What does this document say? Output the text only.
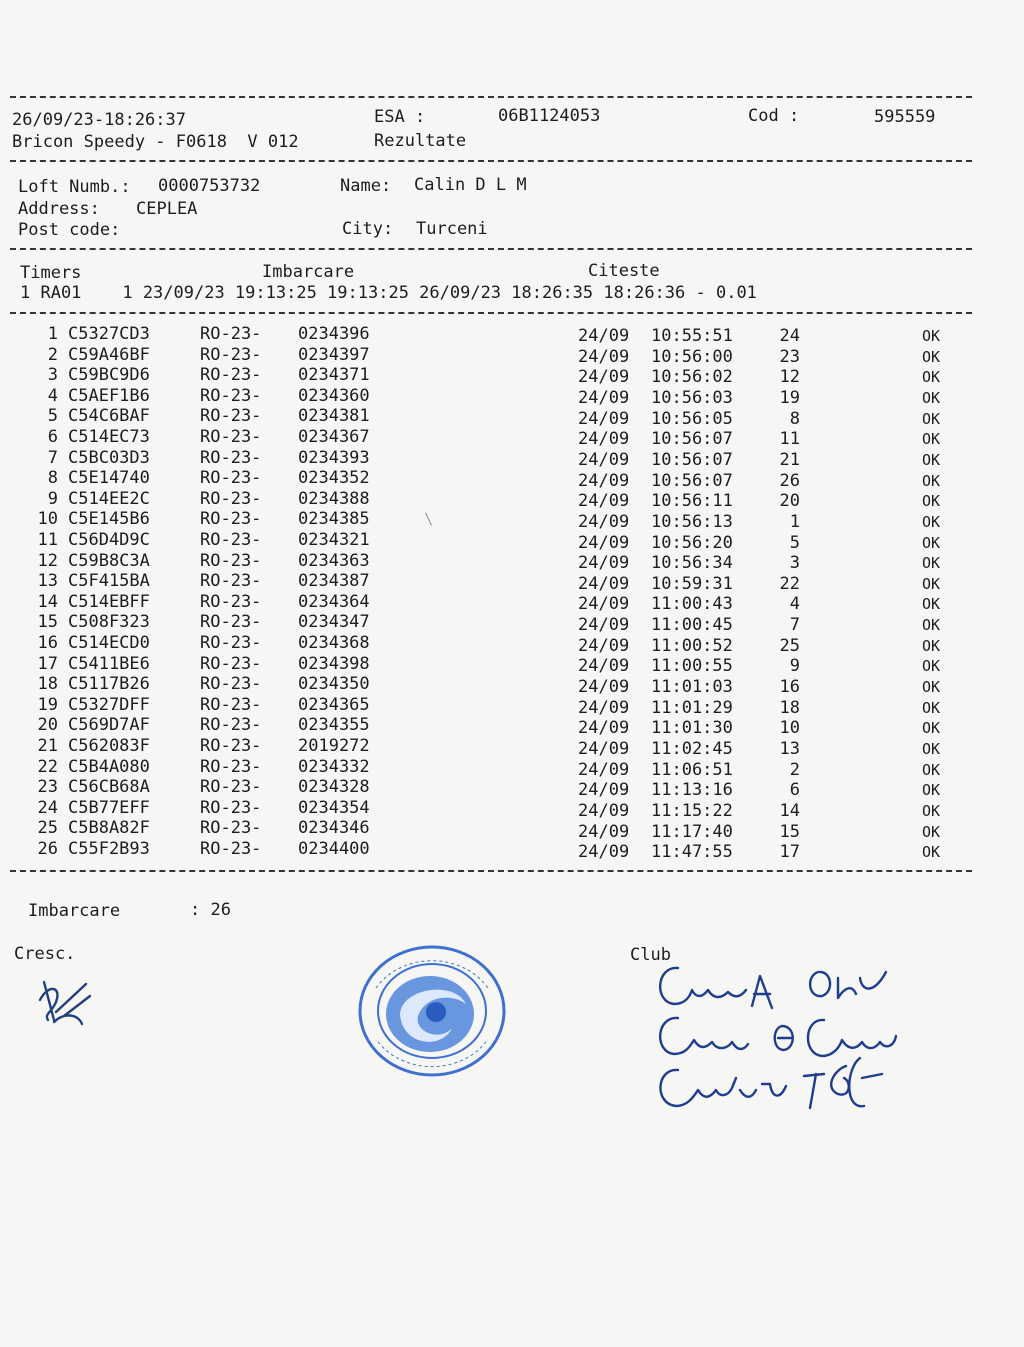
26/09/23-18:26:37	ESA :	06B1124053	Cod :	595559
Bricon Speedy - F0618  V 012	Rezultate
Loft Numb.: 0000753732	Name: Calin D L M
Address: CEPLEA
Post code:	City: Turceni
Timers	Imbarcare	Citeste
1 RA01    1 23/09/23 19:13:25 19:13:25 26/09/23 18:26:35 18:26:36 - 0.01
1 C5327CD3	RO-23- 0234396	24/09 10:55:51	24	OK
2 C59A46BF	RO-23- 0234397	24/09 10:56:00	23	OK
3 C59BC9D6	RO-23- 0234371	24/09 10:56:02	12	OK
4 C5AEF1B6	RO-23- 0234360	24/09 10:56:03	19	OK
5 C54C6BAF	RO-23- 0234381	24/09 10:56:05	8	OK
6 C514EC73	RO-23- 0234367	24/09 10:56:07	11	OK
7 C5BC03D3	RO-23- 0234393	24/09 10:56:07	21	OK
8 C5E14740	RO-23- 0234352	24/09 10:56:07	26	OK
9 C514EE2C	RO-23- 0234388	24/09 10:56:11	20	OK
10 C5E145B6	RO-23- 0234385	24/09 10:56:13	1	OK
11 C56D4D9C	RO-23- 0234321	24/09 10:56:20	5	OK
12 C59B8C3A	RO-23- 0234363	24/09 10:56:34	3	OK
13 C5F415BA	RO-23- 0234387	24/09 10:59:31	22	OK
14 C514EBFF	RO-23- 0234364	24/09 11:00:43	4	OK
15 C508F323	RO-23- 0234347	24/09 11:00:45	7	OK
16 C514ECD0	RO-23- 0234368	24/09 11:00:52	25	OK
17 C5411BE6	RO-23- 0234398	24/09 11:00:55	9	OK
18 C5117B26	RO-23- 0234350	24/09 11:01:03	16	OK
19 C5327DFF	RO-23- 0234365	24/09 11:01:29	18	OK
20 C569D7AF	RO-23- 0234355	24/09 11:01:30	10	OK
21 C562083F	RO-23- 2019272	24/09 11:02:45	13	OK
22 C5B4A080	RO-23- 0234332	24/09 11:06:51	2	OK
23 C56CB68A	RO-23- 0234328	24/09 11:13:16	6	OK
24 C5B77EFF	RO-23- 0234354	24/09 11:15:22	14	OK
25 C5B8A82F	RO-23- 0234346	24/09 11:17:40	15	OK
26 C55F2B93	RO-23- 0234400	24/09 11:47:55	17	OK
Imbarcare	: 26
Cresc.	Club
